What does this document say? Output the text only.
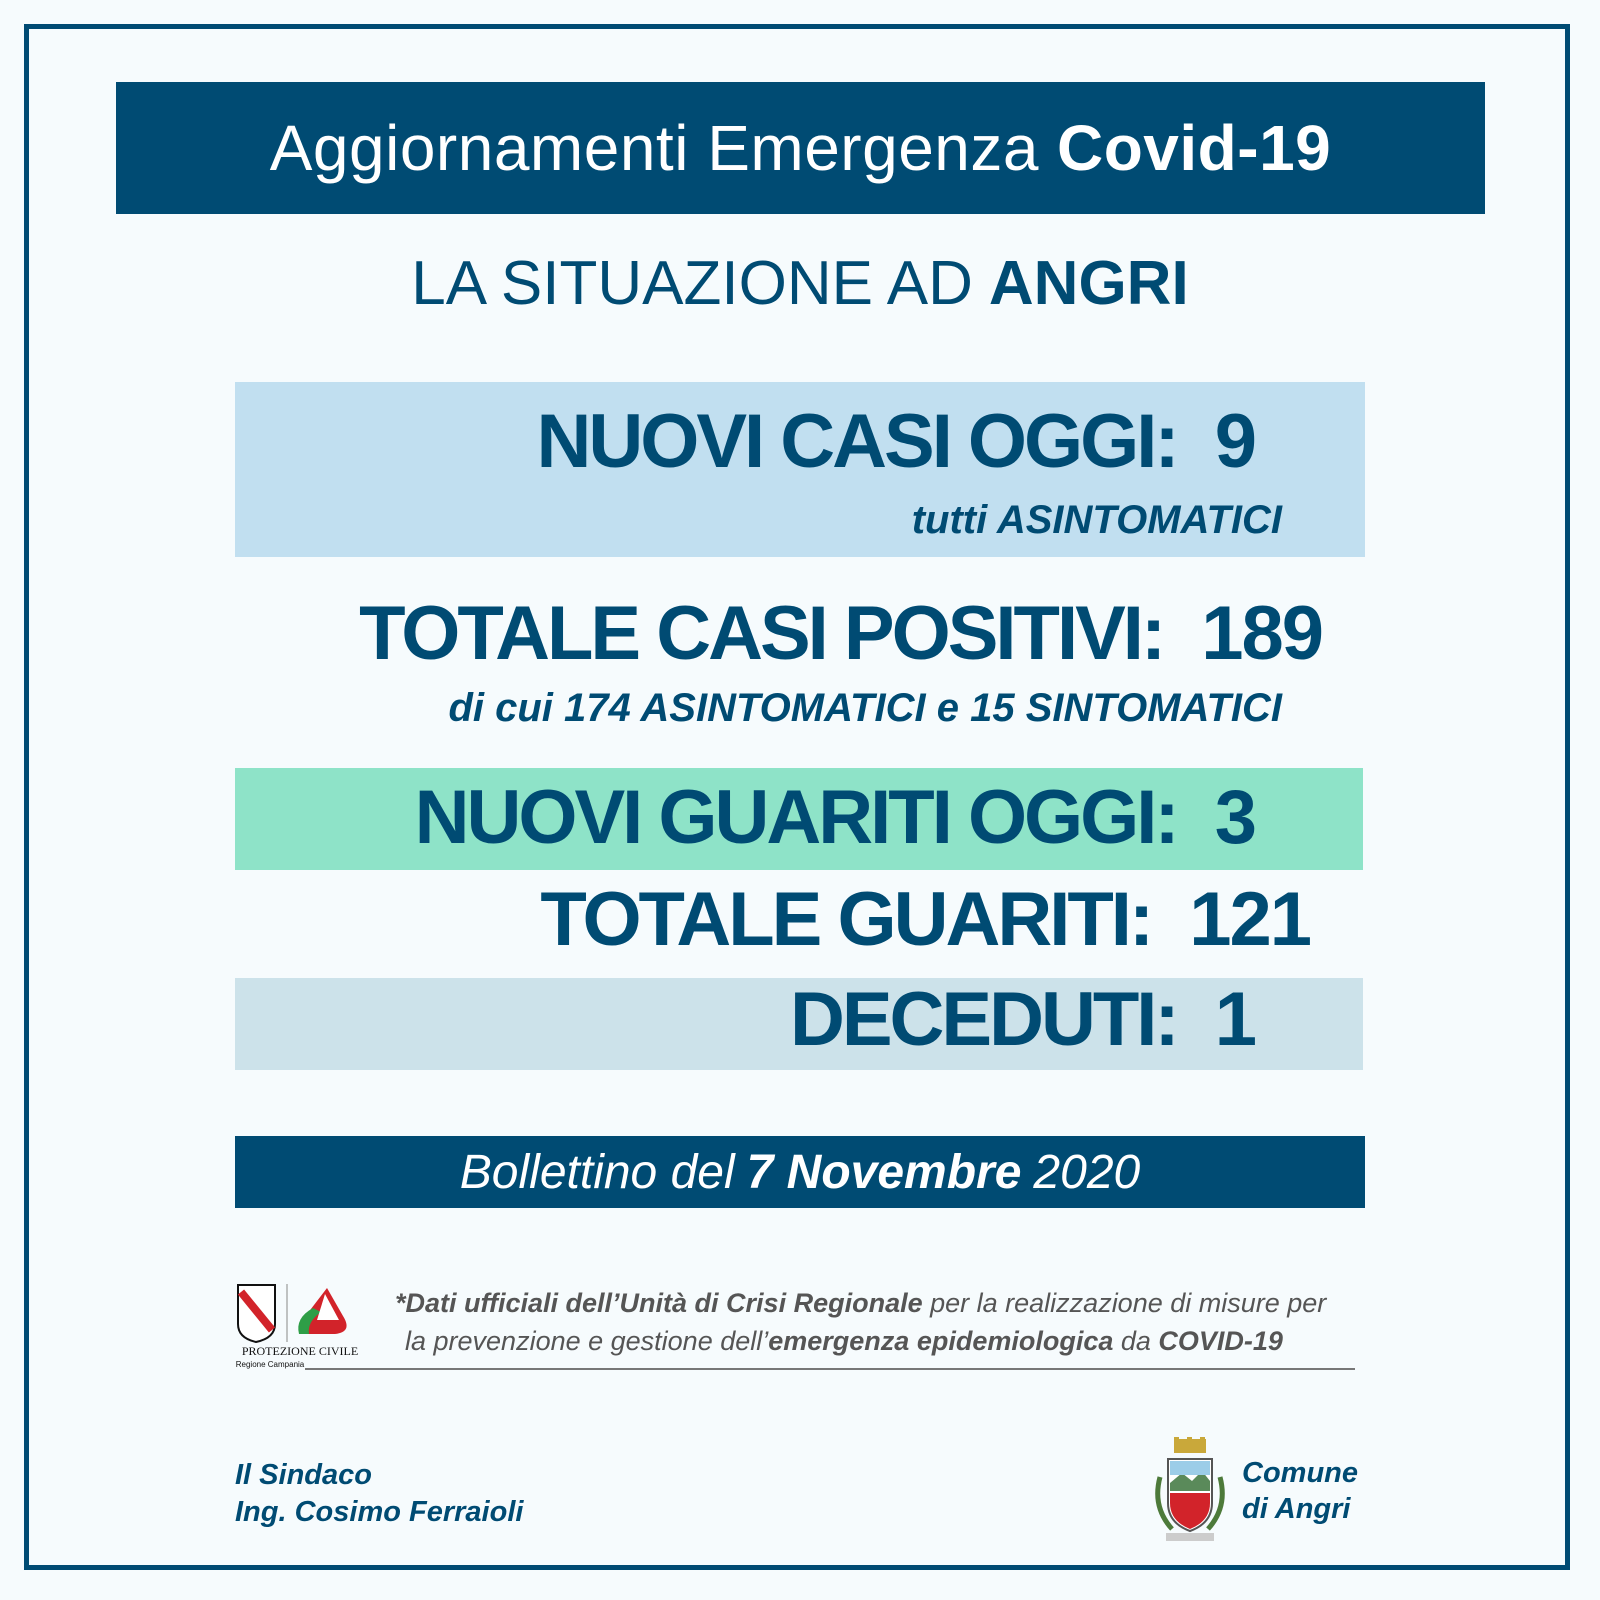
Aggiornamenti Emergenza Covid-19
LA SITUAZIONE AD ANGRI
NUOVI CASI OGGI: 9
tutti ASINTOMATICI
TOTALE CASI POSITIVI: 189
di cui 174 ASINTOMATICI e 15 SINTOMATICI
NUOVI GUARITI OGGI: 3
TOTALE GUARITI: 121
DECEDUTI: 1
Bollettino del 7 Novembre 2020
PROTEZIONE CIVILE
Regione Campania
*Dati ufficiali dell’Unità di Crisi Regionale per la realizzazione di misure per
la prevenzione e gestione dell’emergenza epidemiologica da COVID-19
Il Sindaco
Ing. Cosimo Ferraioli
Comune
di Angri
